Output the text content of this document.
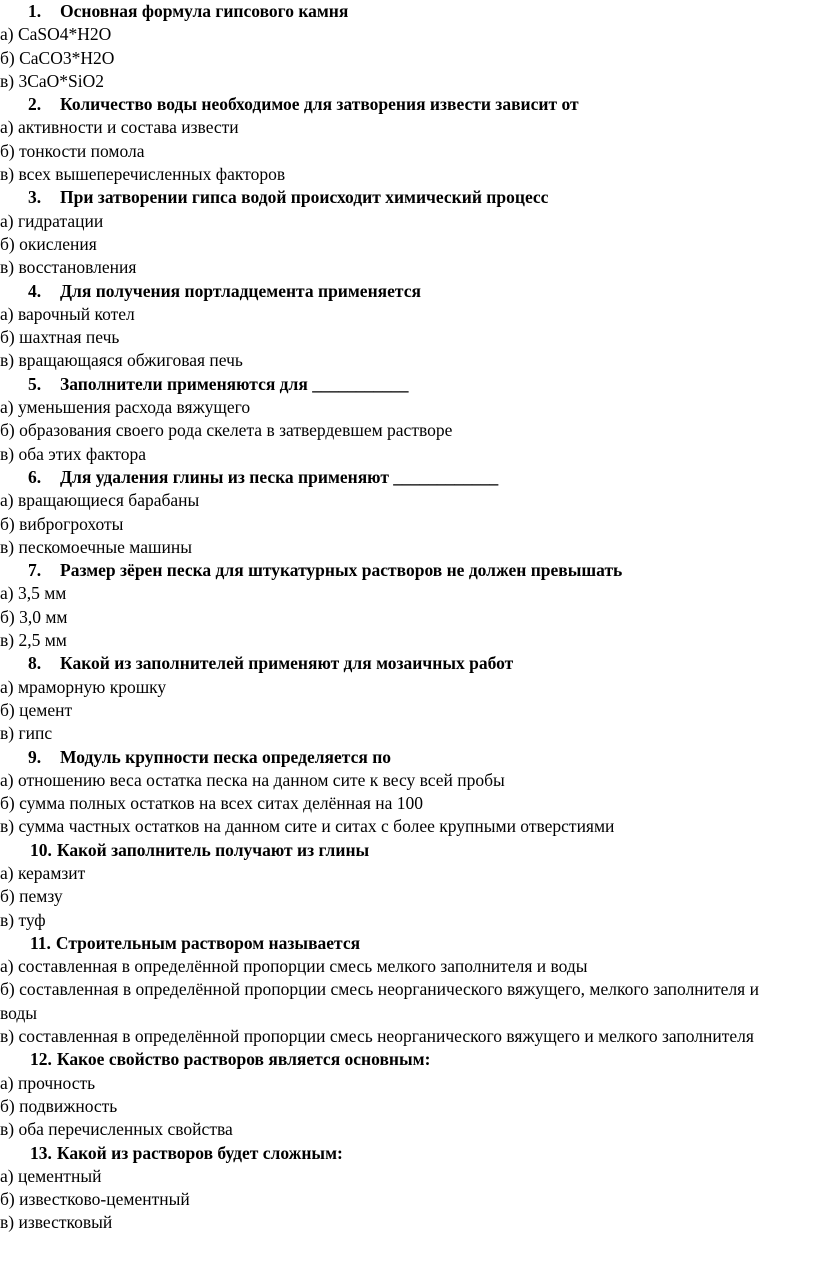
1. Основная формула гипсового камня
а) CaSO4*H2O
б) CaCO3*H2O
в) 3CaO*SiO2
2. Количество воды необходимое для затворения извести зависит от
а) активности и состава извести
б) тонкости помола
в) всех вышеперечисленных факторов
3. При затворении гипса водой происходит химический процесс
а) гидратации
б) окисления
в) восстановления
4. Для получения портладцемента применяется
а) варочный котел
б) шахтная печь
в) вращающаяся обжиговая печь
5. Заполнители применяются для ___________
а) уменьшения расхода вяжущего
б) образования своего рода скелета в затвердевшем растворе
в) оба этих фактора
6. Для удаления глины из песка применяют ____________
а) вращающиеся барабаны
б) виброгрохоты
в) пескомоечные машины
7. Размер зёрен песка для штукатурных растворов не должен превышать
а) 3,5 мм
б) 3,0 мм
в) 2,5 мм
8. Какой из заполнителей применяют для мозаичных работ
а) мраморную крошку
б) цемент
в) гипс
9. Модуль крупности песка определяется по
а) отношению веса остатка песка на данном сите к весу всей пробы
б) сумма полных остатков на всех ситах делённая на 100
в) сумма частных остатков на данном сите и ситах с более крупными отверстиями
10. Какой заполнитель получают из глины
а) керамзит
б) пемзу
в) туф
11. Строительным раствором называется
а) составленная в определённой пропорции смесь мелкого заполнителя и воды
б) составленная в определённой пропорции смесь неорганического вяжущего, мелкого заполнителя и воды
в) составленная в определённой пропорции смесь неорганического вяжущего и мелкого заполнителя
12. Какое свойство растворов является основным:
а) прочность
б) подвижность
в) оба перечисленных свойства
13. Какой из растворов будет сложным:
а) цементный
б) известково-цементный
в) известковый
